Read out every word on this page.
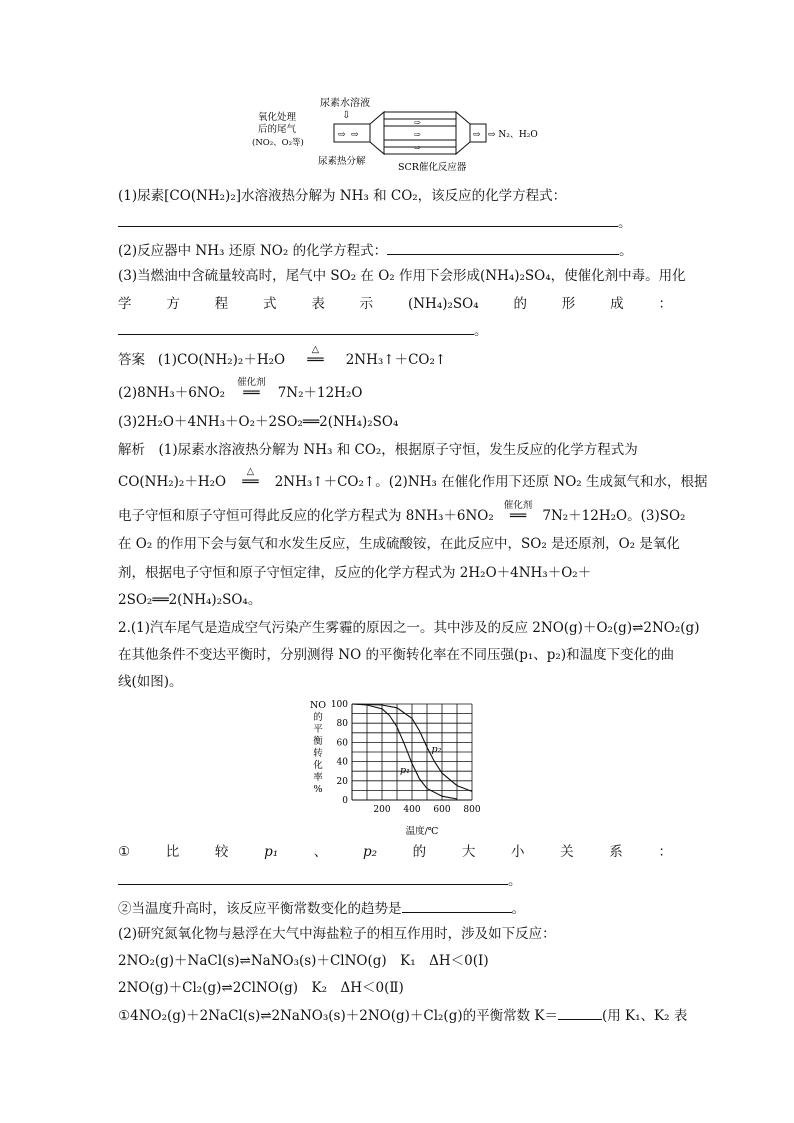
尿素水溶液
⇩
氧化处理
后的尾气
(NO₂、O₂等)
⇨ ⇨
⇨
⇨
⇨
⇨ ⇨ N₂、H₂O
尿素热分解
SCR催化反应器
(1)尿素[CO(NH₂)₂]水溶液热分解为 NH₃ 和 CO₂，该反应的化学方程式：
。
(2)反应器中 NH₃ 还原 NO₂ 的化学方程式：	。
(3)当燃油中含硫量较高时，尾气中 SO₂ 在 O₂ 作用下会形成(NH₄)₂SO₄，使催化剂中毒。用化
学	方	程	式	表	示	(NH₄)₂SO₄	的	形	成	：
。
答案 (1)CO(NH₂)₂＋H₂O
△
══ 2NH₃↑＋CO₂↑
(2)8NH₃＋6NO₂
催化剂
══ 7N₂＋12H₂O
(3)2H₂O＋4NH₃＋O₂＋2SO₂══2(NH₄)₂SO₄
解析　(1)尿素水溶液热分解为 NH₃ 和 CO₂，根据原子守恒，发生反应的化学方程式为
CO(NH₂)₂＋H₂O
△
══ 2NH₃↑＋CO₂↑。(2)NH₃ 在催化作用下还原 NO₂ 生成氮气和水，根据
电子守恒和原子守恒可得此反应的化学方程式为 8NH₃＋6NO₂
催化剂
══ 7N₂＋12H₂O。(3)SO₂
在 O₂ 的作用下会与氨气和水发生反应，生成硫酸铵，在此反应中，SO₂ 是还原剂，O₂ 是氧化
剂，根据电子守恒和原子守恒定律，反应的化学方程式为 2H₂O＋4NH₃＋O₂＋
2SO₂══2(NH₄)₂SO₄。
2.(1)汽车尾气是造成空气污染产生雾霾的原因之一。其中涉及的反应 2NO(g)＋O₂(g)⇌2NO₂(g)
在其他条件不变达平衡时，分别测得 NO 的平衡转化率在不同压强(p₁、p₂)和温度下变化的曲
线(如图)。
NO
的
平
衡
转
化
率
%
0
20
40
60
80
100
200 400 600 800
p₁
p₂
温度/℃
①	比	较	p₁	、	p₂	的	大	小	关	系	：
。
②当温度升高时，该反应平衡常数变化的趋势是	。
(2)研究氮氧化物与悬浮在大气中海盐粒子的相互作用时，涉及如下反应：
2NO₂(g)＋NaCl(s)⇌NaNO₃(s)＋ClNO(g)　K₁　ΔH＜0(Ⅰ)
2NO(g)＋Cl₂(g)⇌2ClNO(g)　K₂　ΔH＜0(Ⅱ)
①4NO₂(g)＋2NaCl(s)⇌2NaNO₃(s)＋2NO(g)＋Cl₂(g)的平衡常数 K＝	(用 K₁、K₂ 表
